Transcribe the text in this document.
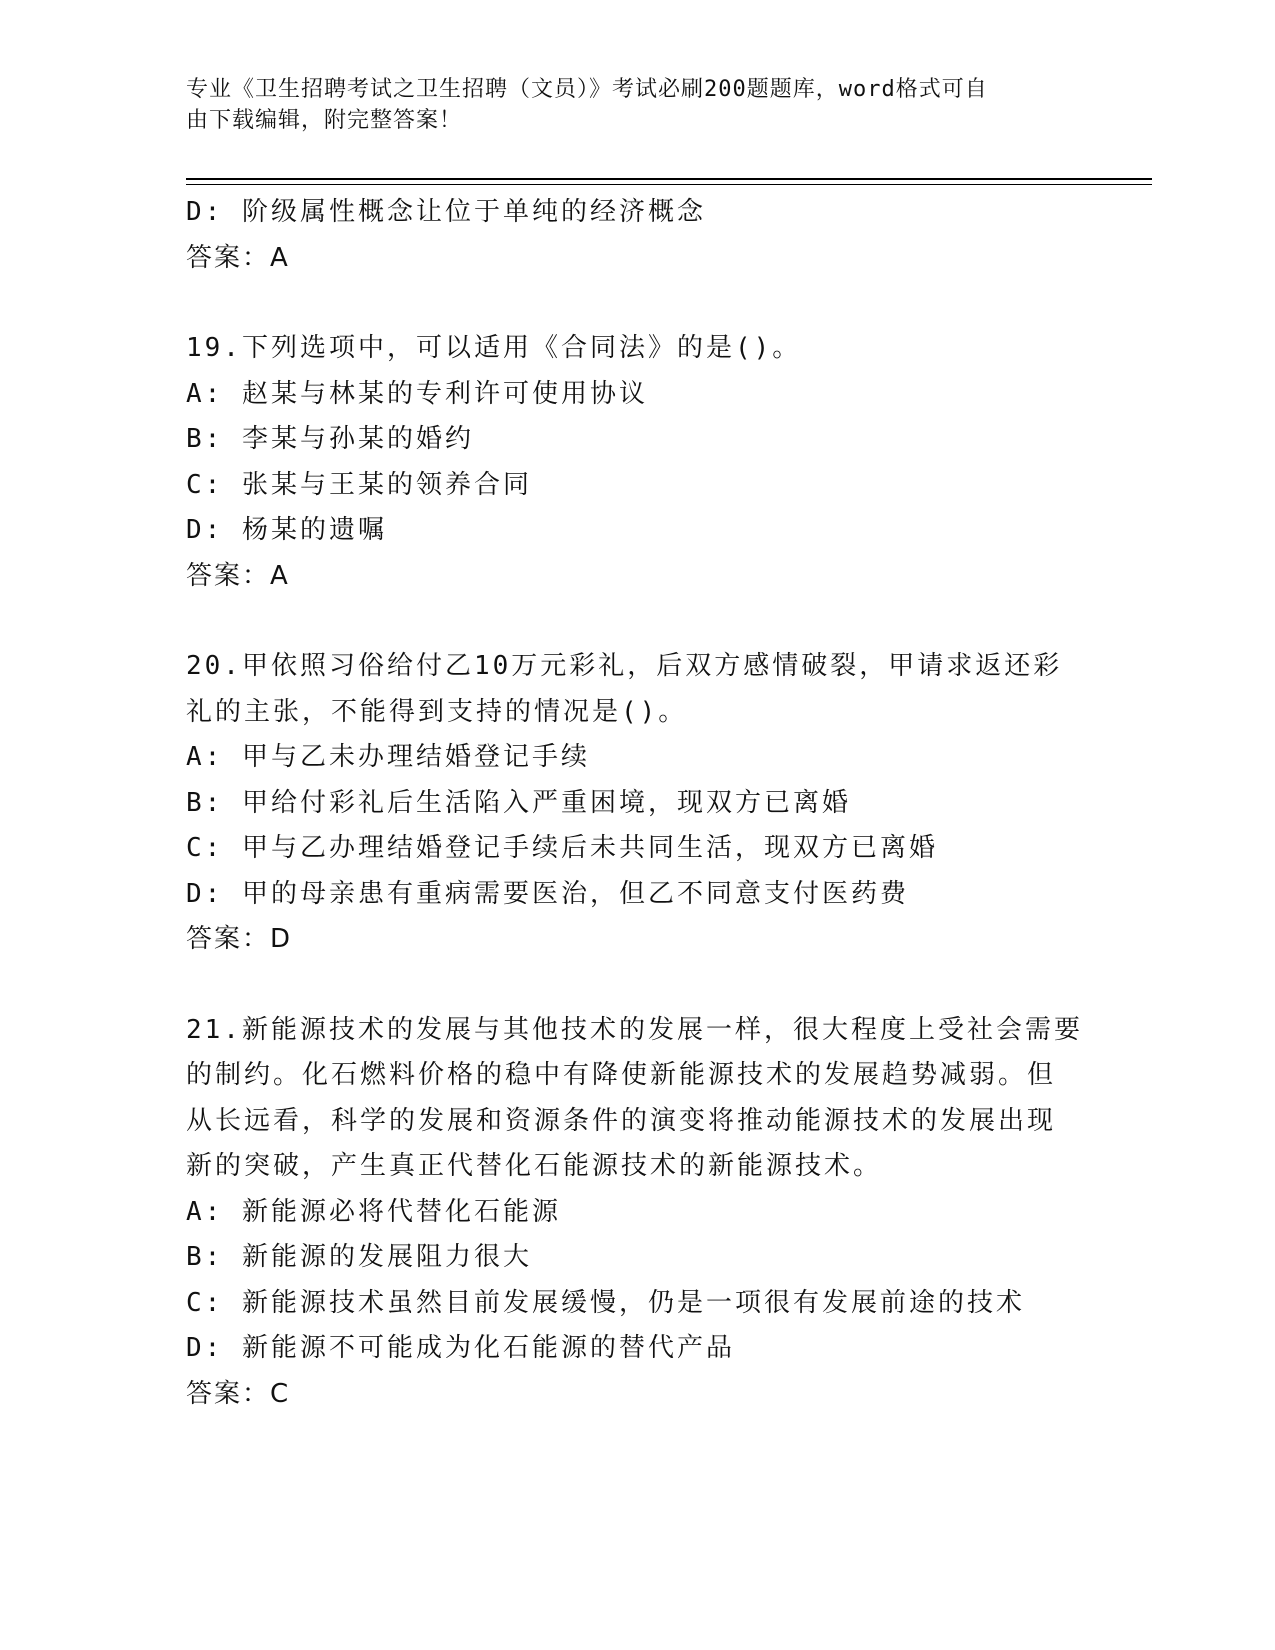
专业《卫生招聘考试之卫生招聘（文员）》考试必刷200题题库，word格式可自
由下载编辑，附完整答案！
D: 阶级属性概念让位于单纯的经济概念
答案：A
19.下列选项中，可以适用《合同法》的是()。
A: 赵某与林某的专利许可使用协议
B: 李某与孙某的婚约
C: 张某与王某的领养合同
D: 杨某的遗嘱
答案：A
20.甲依照习俗给付乙10万元彩礼，后双方感情破裂，甲请求返还彩
礼的主张，不能得到支持的情况是()。
A: 甲与乙未办理结婚登记手续
B: 甲给付彩礼后生活陷入严重困境，现双方已离婚
C: 甲与乙办理结婚登记手续后未共同生活，现双方已离婚
D: 甲的母亲患有重病需要医治，但乙不同意支付医药费
答案：D
21.新能源技术的发展与其他技术的发展一样，很大程度上受社会需要
的制约。化石燃料价格的稳中有降使新能源技术的发展趋势减弱。但
从长远看，科学的发展和资源条件的演变将推动能源技术的发展出现
新的突破，产生真正代替化石能源技术的新能源技术。
A: 新能源必将代替化石能源
B: 新能源的发展阻力很大
C: 新能源技术虽然目前发展缓慢，仍是一项很有发展前途的技术
D: 新能源不可能成为化石能源的替代产品
答案：C
